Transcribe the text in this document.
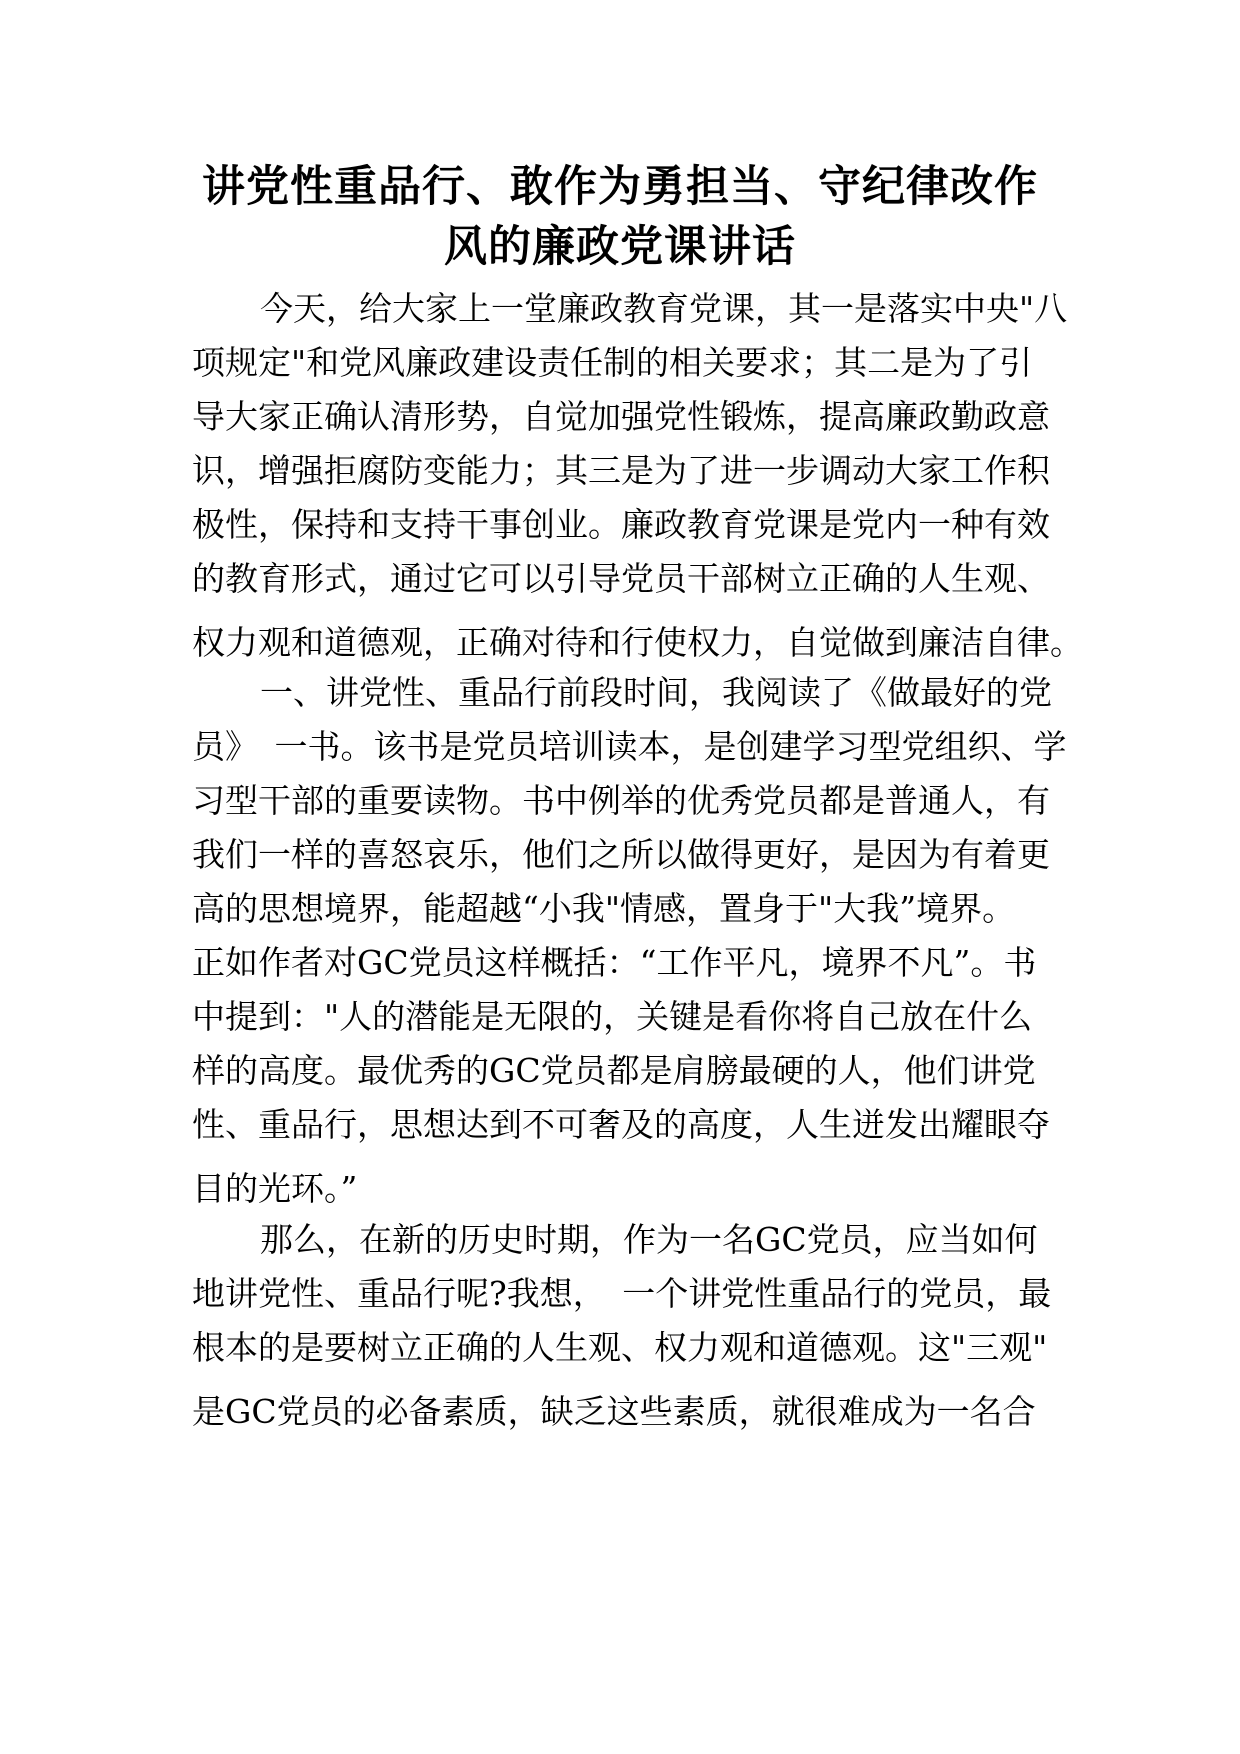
讲党性重品行、敢作为勇担当、守纪律改作
风的廉政党课讲话
今天，给大家上一堂廉政教育党课，其一是落实中央"八
项规定"和党风廉政建设责任制的相关要求；其二是为了引
导大家正确认清形势，自觉加强党性锻炼，提高廉政勤政意
识，增强拒腐防变能力；其三是为了进一步调动大家工作积
极性，保持和支持干事创业。廉政教育党课是党内一种有效
的教育形式，通过它可以引导党员干部树立正确的人生观、
权力观和道德观，正确对待和行使权力，自觉做到廉洁自律。
一、讲党性、重品行前段时间，我阅读了《做最好的党
员》　一书。该书是党员培训读本，是创建学习型党组织、学
习型干部的重要读物。书中例举的优秀党员都是普通人，有
我们一样的喜怒哀乐，他们之所以做得更好，是因为有着更
高的思想境界，能超越“小我"情感，置身于"大我”境界。
正如作者对GC党员这样概括：“工作平凡，境界不凡”。书
中提到："人的潜能是无限的，关键是看你将自己放在什么
样的高度。最优秀的GC党员都是肩膀最硬的人，他们讲党
性、重品行，思想达到不可奢及的高度，人生迸发出耀眼夺
目的光环。”
那么，在新的历史时期，作为一名GC党员，应当如何
地讲党性、重品行呢?我想，　一个讲党性重品行的党员，最
根本的是要树立正确的人生观、权力观和道德观。这"三观"
是GC党员的必备素质，缺乏这些素质，就很难成为一名合
